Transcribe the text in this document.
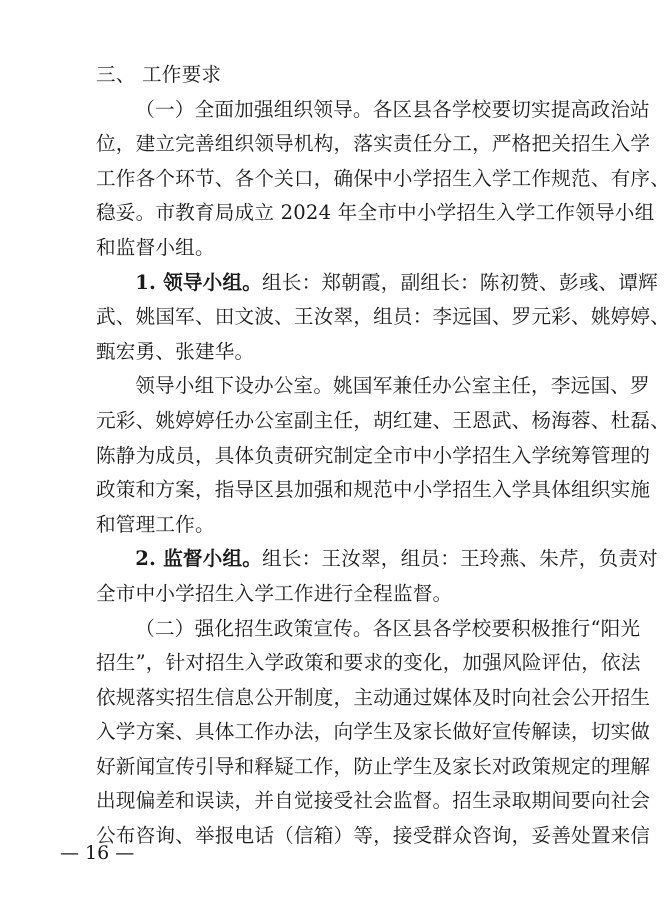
三、 工作要求
（一）全面加强组织领导。各区县各学校要切实提高政治站
位，建立完善组织领导机构，落实责任分工，严格把关招生入学
工作各个环节、各个关口，确保中小学招生入学工作规范、有序、
稳妥。市教育局成立 2024 年全市中小学招生入学工作领导小组
和监督小组。
1. 领导小组。组长：郑朝霞，副组长：陈初赞、彭彧、谭辉
武、姚国军、田文波、王汝翠，组员：李远国、罗元彩、姚婷婷、
甄宏勇、张建华。
领导小组下设办公室。姚国军兼任办公室主任，李远国、罗
元彩、姚婷婷任办公室副主任，胡红建、王恩武、杨海蓉、杜磊、
陈静为成员，具体负责研究制定全市中小学招生入学统筹管理的
政策和方案，指导区县加强和规范中小学招生入学具体组织实施
和管理工作。
2. 监督小组。组长：王汝翠，组员：王玲燕、朱芹，负责对
全市中小学招生入学工作进行全程监督。
（二）强化招生政策宣传。各区县各学校要积极推行“阳光
招生”，针对招生入学政策和要求的变化，加强风险评估，依法
依规落实招生信息公开制度，主动通过媒体及时向社会公开招生
入学方案、具体工作办法，向学生及家长做好宣传解读，切实做
好新闻宣传引导和释疑工作，防止学生及家长对政策规定的理解
出现偏差和误读，并自觉接受社会监督。招生录取期间要向社会
公布咨询、举报电话（信箱）等，接受群众咨询，妥善处置来信
— 16 —
